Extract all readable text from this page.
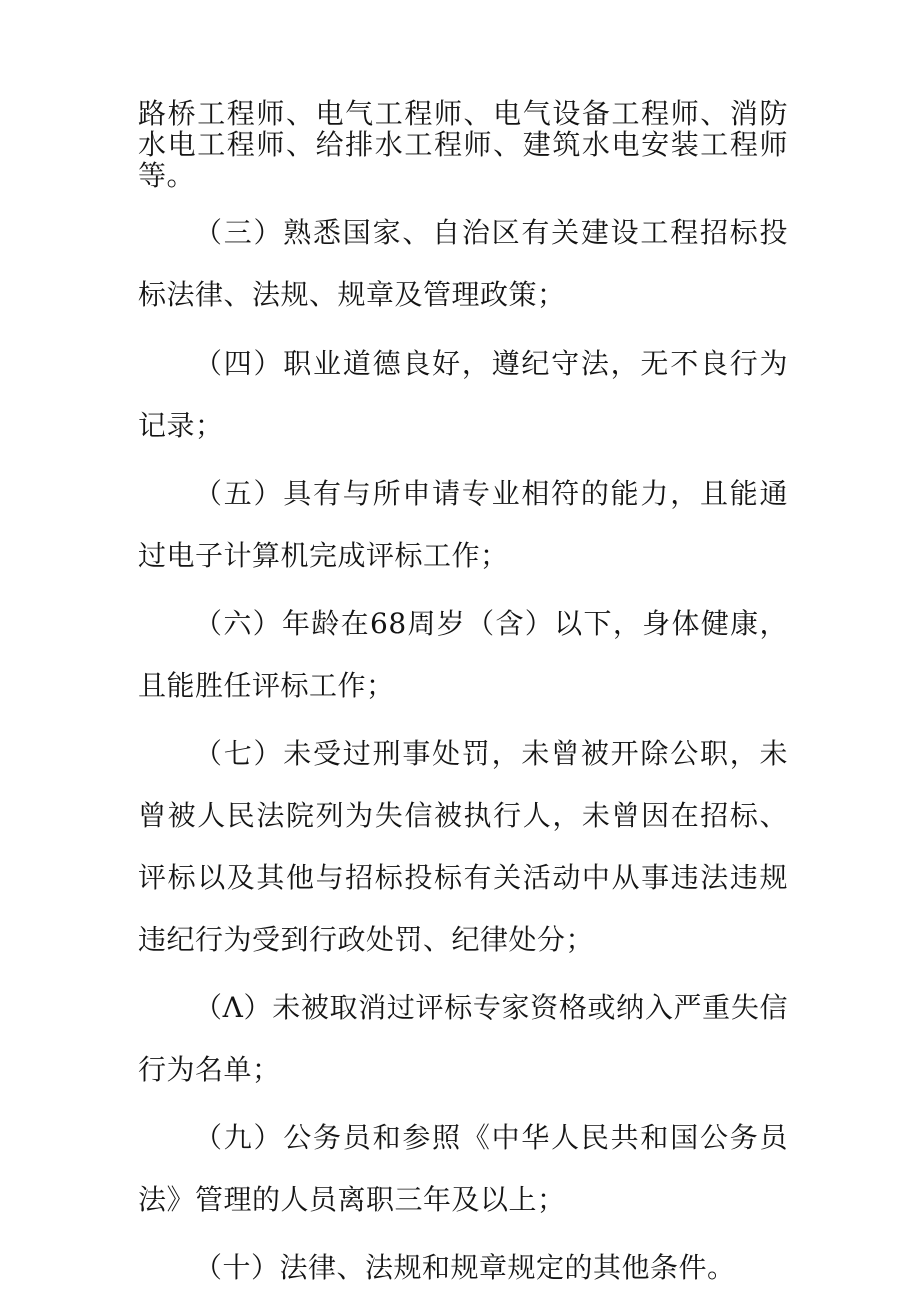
路桥工程师、电气工程师、电气设备工程师、消防水电工程师、给排水工程师、建筑水电安装工程师等。

（三）熟悉国家、自治区有关建设工程招标投标法律、法规、规章及管理政策；

（四）职业道德良好，遵纪守法，无不良行为记录；

（五）具有与所申请专业相符的能力，且能通过电子计算机完成评标工作；

（六）年龄在68周岁（含）以下，身体健康，且能胜任评标工作；

（七）未受过刑事处罚，未曾被开除公职，未曾被人民法院列为失信被执行人，未曾因在招标、评标以及其他与招标投标有关活动中从事违法违规违纪行为受到行政处罚、纪律处分；

（Λ）未被取消过评标专家资格或纳入严重失信行为名单；

（九）公务员和参照《中华人民共和国公务员法》管理的人员离职三年及以上；

（十）法律、法规和规章规定的其他条件。
